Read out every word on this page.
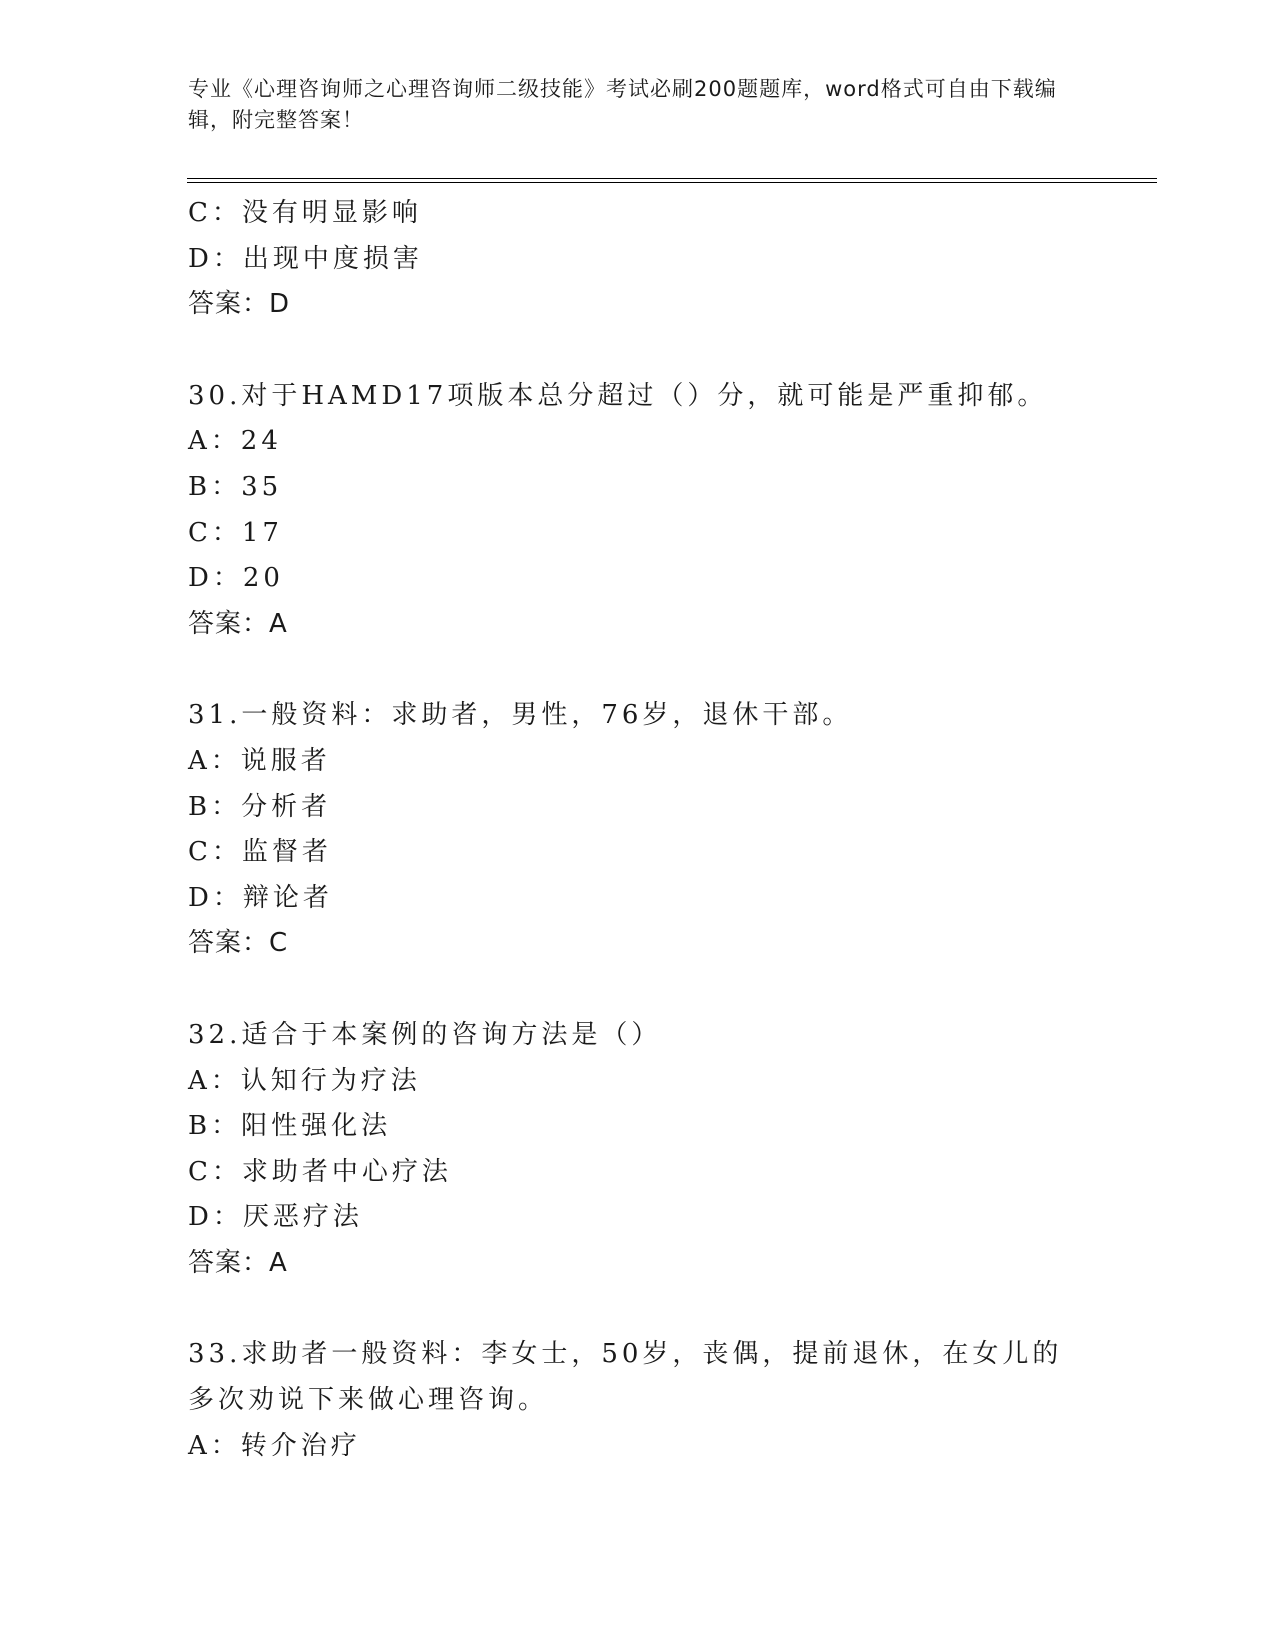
专业《心理咨询师之心理咨询师二级技能》考试必刷200题题库，word格式可自由下载编辑，附完整答案！
C：没有明显影响
D：出现中度损害
答案：D
30.对于HAMD17项版本总分超过（）分，就可能是严重抑郁。
A：24
B：35
C：17
D：20
答案：A
31.一般资料：求助者，男性，76岁，退休干部。
A：说服者
B：分析者
C：监督者
D：辩论者
答案：C
32.适合于本案例的咨询方法是（）
A：认知行为疗法
B：阳性强化法
C：求助者中心疗法
D：厌恶疗法
答案：A
33.求助者一般资料：李女士，50岁，丧偶，提前退休，在女儿的多次劝说下来做心理咨询。
A：转介治疗
